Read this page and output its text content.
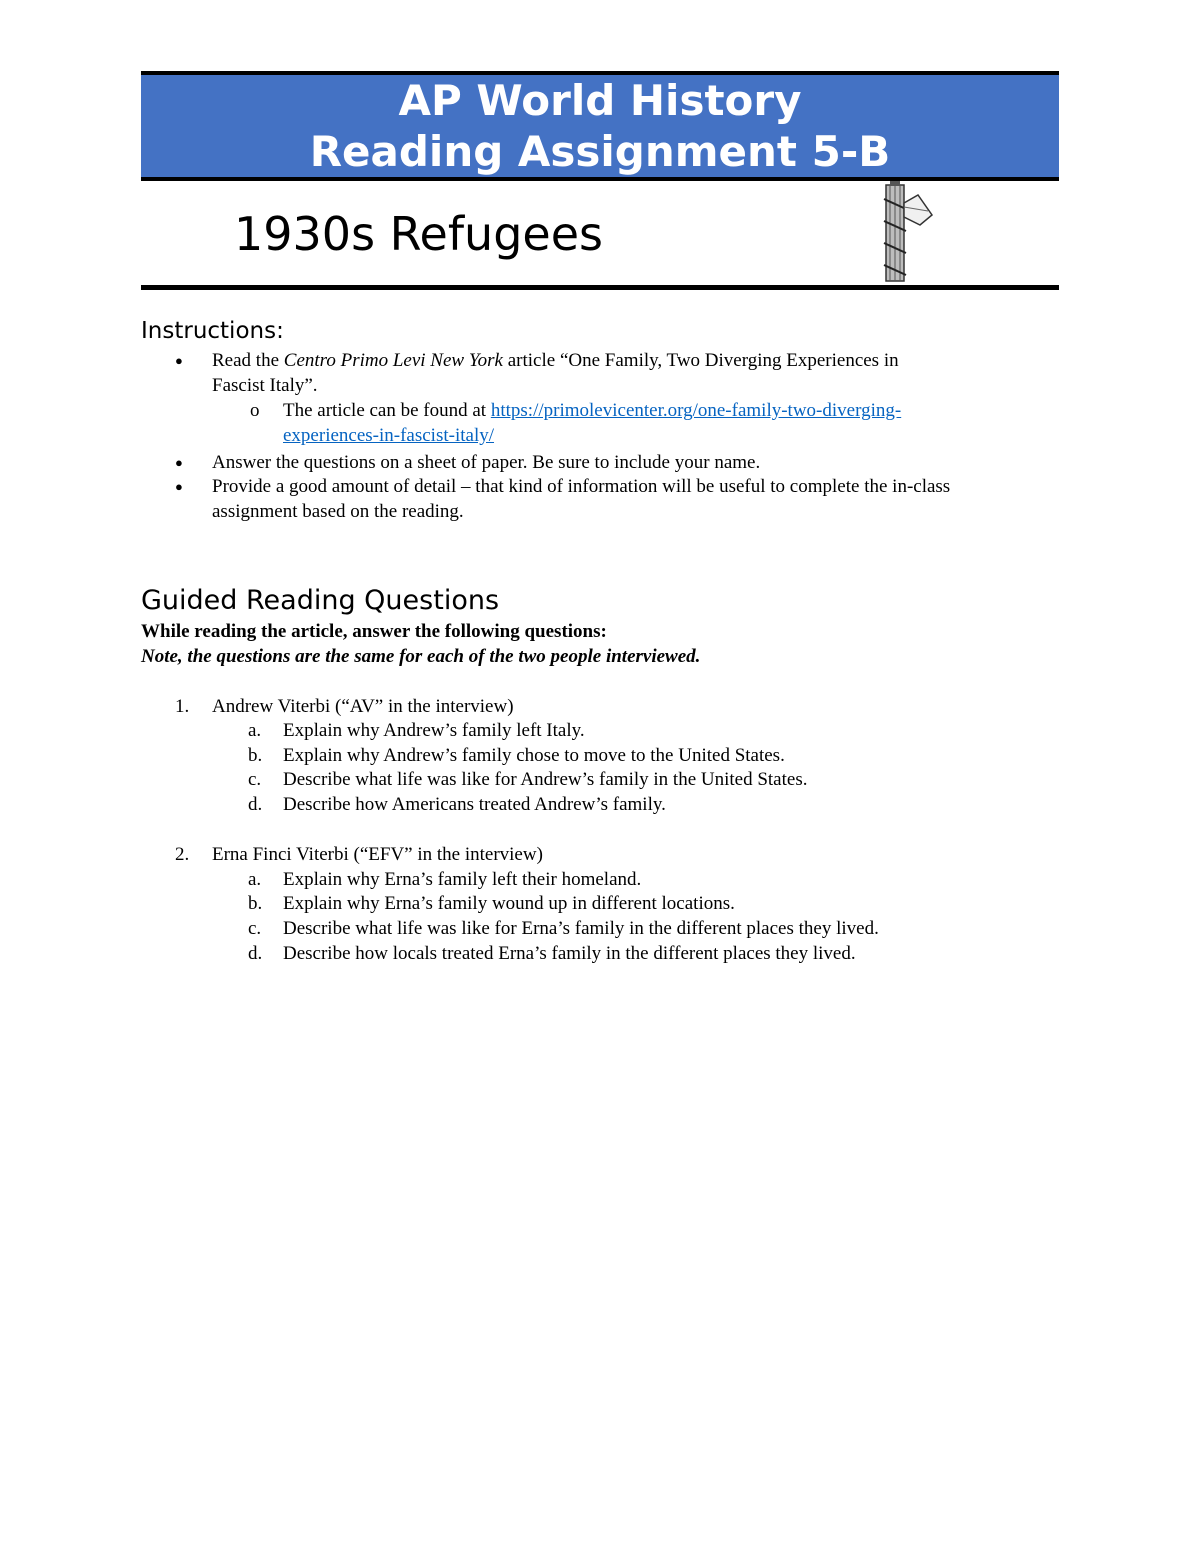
AP World History
Reading Assignment 5-B
1930s Refugees
Instructions:
● Read the Centro Primo Levi New York article “One Family, Two Diverging Experiences in
Fascist Italy”.
o The article can be found at https://primolevicenter.org/one-family-two-diverging-
experiences-in-fascist-italy/
● Answer the questions on a sheet of paper. Be sure to include your name.
● Provide a good amount of detail – that kind of information will be useful to complete the in-class
assignment based on the reading.
Guided Reading Questions
While reading the article, answer the following questions:
Note, the questions are the same for each of the two people interviewed.
1. Andrew Viterbi (“AV” in the interview)
a. Explain why Andrew’s family left Italy.
b. Explain why Andrew’s family chose to move to the United States.
c. Describe what life was like for Andrew’s family in the United States.
d. Describe how Americans treated Andrew’s family.
2. Erna Finci Viterbi (“EFV” in the interview)
a. Explain why Erna’s family left their homeland.
b. Explain why Erna’s family wound up in different locations.
c. Describe what life was like for Erna’s family in the different places they lived.
d. Describe how locals treated Erna’s family in the different places they lived.
